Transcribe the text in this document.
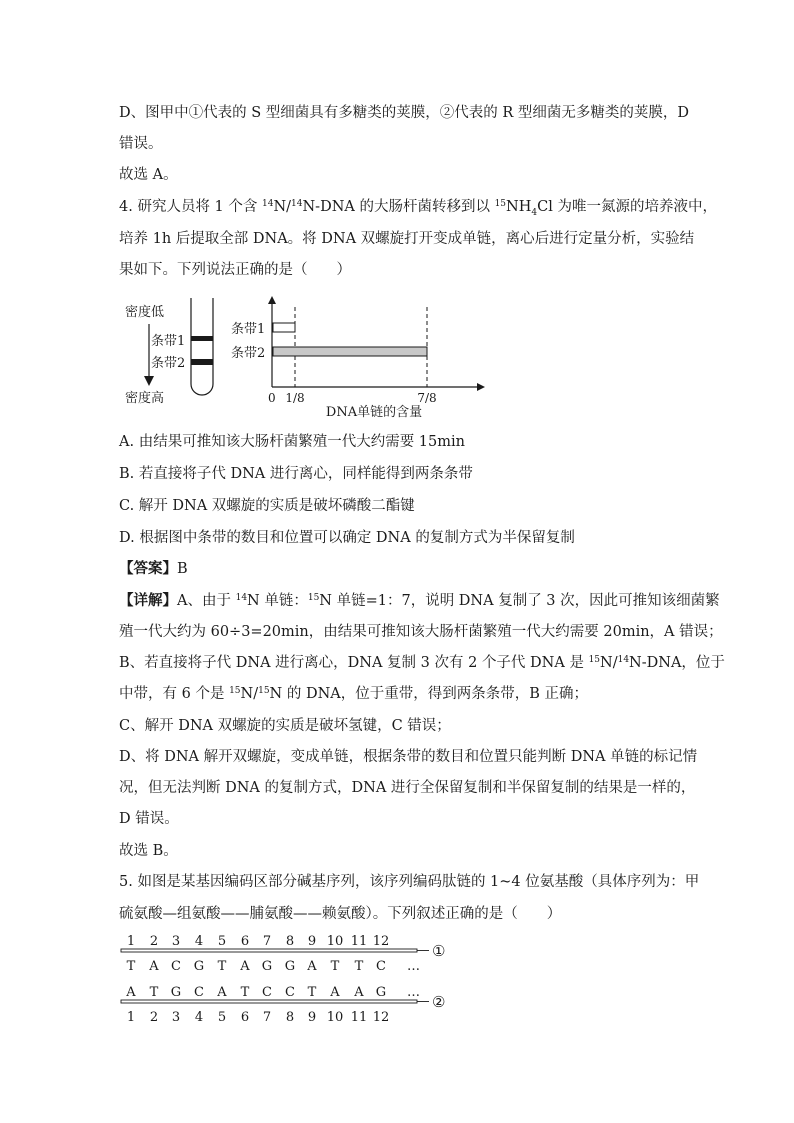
D、图甲中①代表的 S 型细菌具有多糖类的荚膜，②代表的 R 型细菌无多糖类的荚膜，D
错误。
故选 A。
4. 研究人员将 1 个含 $^{14}$N/$^{14}$N-DNA 的大肠杆菌转移到以 $^{15}NH_4Cl$ 为唯一氮源的培养液中，
培养 1h 后提取全部 DNA。将 DNA 双螺旋打开变成单链，离心后进行定量分析，实验结
果如下。下列说法正确的是（　　）
密度低
密度高
条带1
条带2
条带1
条带2
0 1/8	7/8
DNA单链的含量
A. 由结果可推知该大肠杆菌繁殖一代大约需要 15min
B. 若直接将子代 DNA 进行离心，同样能得到两条条带
C. 解开 DNA 双螺旋的实质是破坏磷酸二酯键
D. 根据图中条带的数目和位置可以确定 DNA 的复制方式为半保留复制
【答案】B
【详解】A、由于 $^{14}$N 单链：$^{15}$N 单链=1：7，说明 DNA 复制了 3 次，因此可推知该细菌繁
殖一代大约为 60÷3=20min，由结果可推知该大肠杆菌繁殖一代大约需要 20min，A 错误；
B、若直接将子代 DNA 进行离心，DNA 复制 3 次有 2 个子代 DNA 是 $^{15}$N/$^{14}$N-DNA，位于
中带，有 6 个是 $^{15}$N/$^{15}$N 的 DNA，位于重带，得到两条条带，B 正确；
C、解开 DNA 双螺旋的实质是破坏氢键，C 错误；
D、将 DNA 解开双螺旋，变成单链，根据条带的数目和位置只能判断 DNA 单链的标记情
况，但无法判断 DNA 的复制方式，DNA 进行全保留复制和半保留复制的结果是一样的，
D 错误。
故选 B。
5. 如图是某基因编码区部分碱基序列，该序列编码肽链的 1~4 位氨基酸（具体序列为：甲
硫氨酸—组氨酸——脯氨酸——赖氨酸）。下列叙述正确的是（　　）
①
②
…
…
1 2 3 4 5 6 7 8 9 10 11 12
T A C G T A G G A T T C
A T G C A T C C T A A G
1 2 3 4 5 6 7 8 9 10 11 12
